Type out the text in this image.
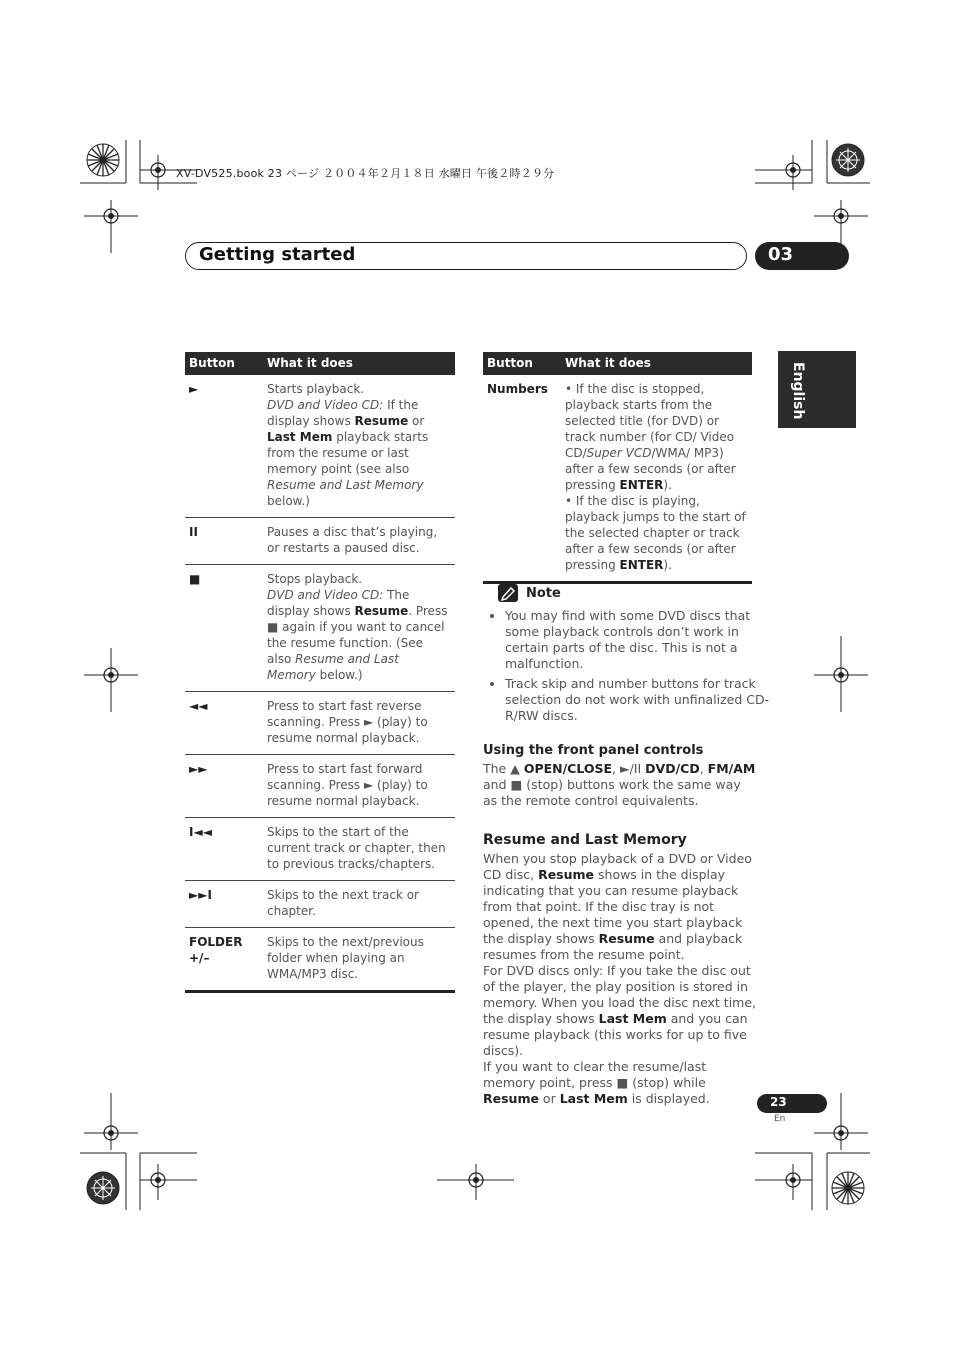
XV-DV525.book 23 ページ ２００４年２月１８日 水曜日 午後２時２９分
Getting started	03
English
Button	What it does
►	Starts playback.
DVD and Video CD: If the display shows Resume or Last Mem playback starts from the resume or last memory point (see also Resume and Last Memory below.)
II	Pauses a disc that’s playing, or restarts a paused disc.
■	Stops playback.
DVD and Video CD: The display shows Resume. Press ■ again if you want to cancel the resume function. (See also Resume and Last Memory below.)
◄◄	Press to start fast reverse scanning. Press ► (play) to resume normal playback.
►►	Press to start fast forward scanning. Press ► (play) to resume normal playback.
I◄◄	Skips to the start of the current track or chapter, then to previous tracks/chapters.
►►I	Skips to the next track or chapter.
FOLDER +/–	Skips to the next/previous folder when playing an WMA/MP3 disc.
Button	What it does
Numbers	• If the disc is stopped, playback starts from the selected title (for DVD) or track number (for CD/ Video CD/Super VCD/WMA/ MP3) after a few seconds (or after pressing ENTER).
• If the disc is playing, playback jumps to the start of the selected chapter or track after a few seconds (or after pressing ENTER).
Note
• You may find with some DVD discs that some playback controls don’t work in certain parts of the disc. This is not a malfunction.
• Track skip and number buttons for track selection do not work with unfinalized CD-R/RW discs.
Using the front panel controls
The ▲ OPEN/CLOSE, ►/II DVD/CD, FM/AM and ■ (stop) buttons work the same way as the remote control equivalents.
Resume and Last Memory
When you stop playback of a DVD or Video CD disc, Resume shows in the display indicating that you can resume playback from that point. If the disc tray is not opened, the next time you start playback the display shows Resume and playback resumes from the resume point.
For DVD discs only: If you take the disc out of the player, the play position is stored in memory. When you load the disc next time, the display shows Last Mem and you can resume playback (this works for up to five discs).
If you want to clear the resume/last memory point, press ■ (stop) while Resume or Last Mem is displayed.	23
En
